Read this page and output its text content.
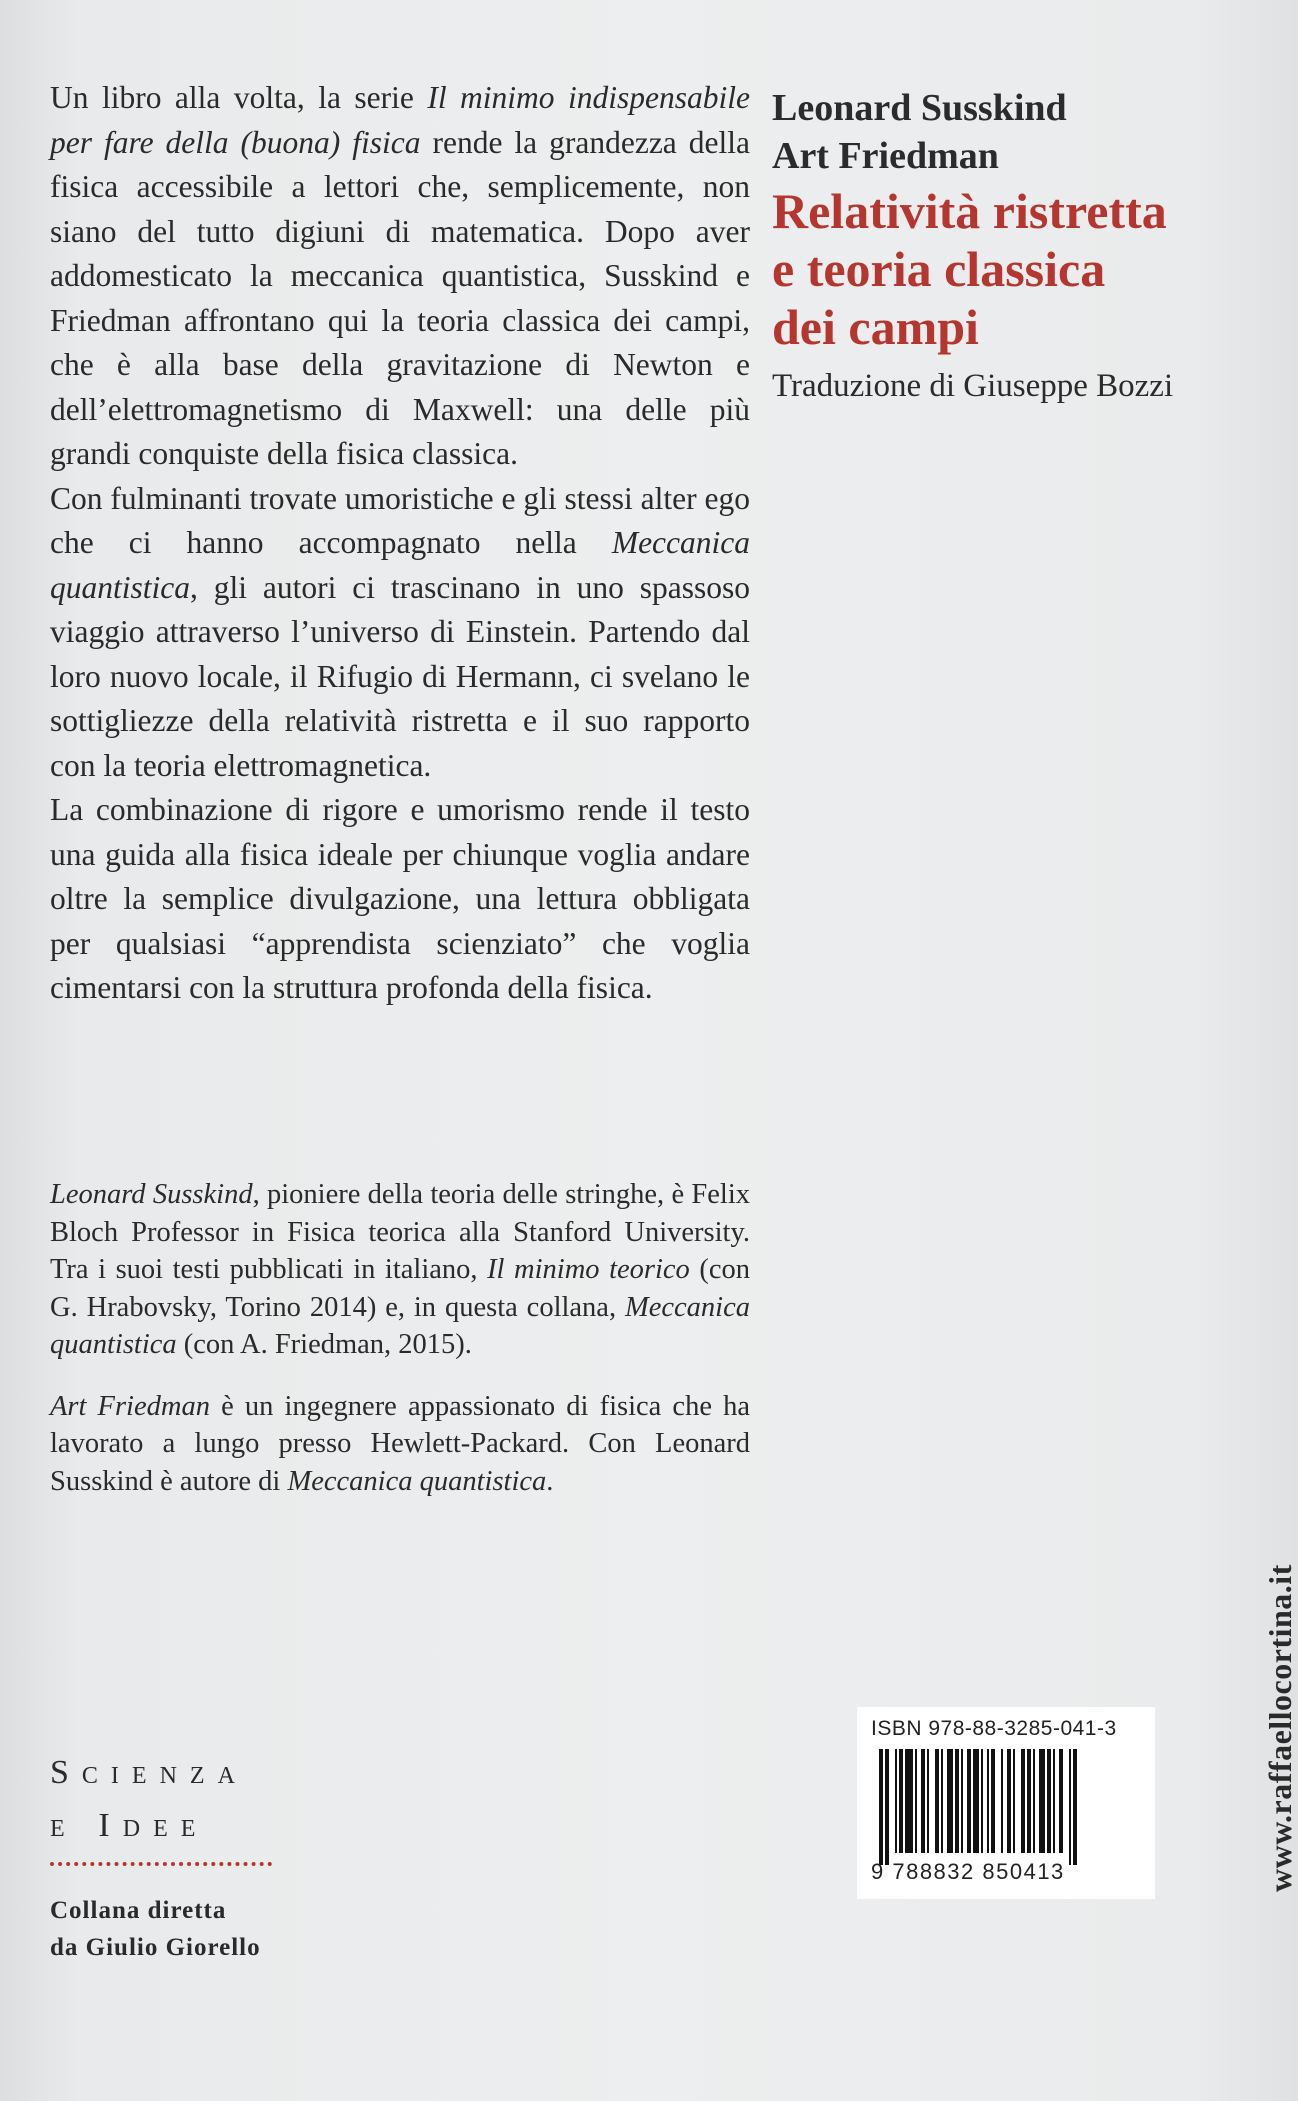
Un libro alla volta, la serie Il minimo indispensabile per fare della (buona) fisica rende la grandezza della fisica accessibile a lettori che, semplicemente, non siano del tutto digiuni di matematica. Dopo aver addomesticato la meccanica quantistica, Susskind e Friedman affrontano qui la teoria classica dei campi, che è alla base della gravitazione di Newton e dell’elettromagnetismo di Maxwell: una delle più grandi conquiste della fisica classica.

Con fulminanti trovate umoristiche e gli stessi alter ego che ci hanno accompagnato nella Meccanica quantistica, gli autori ci trascinano in uno spassoso viaggio attraverso l’universo di Einstein. Partendo dal loro nuovo locale, il Rifugio di Hermann, ci svelano le sottigliezze della relatività ristretta e il suo rapporto con la teoria elettromagnetica.

La combinazione di rigore e umorismo rende il testo una guida alla fisica ideale per chiunque voglia andare oltre la semplice divulgazione, una lettura obbligata per qualsiasi “apprendista scienziato” che voglia cimentarsi con la struttura profonda della fisica.

Leonard Susskind, pioniere della teoria delle stringhe, è Felix Bloch Professor in Fisica teorica alla Stanford University. Tra i suoi testi pubblicati in italiano, Il minimo teorico (con G. Hrabovsky, Torino 2014) e, in questa collana, Meccanica quantistica (con A. Friedman, 2015).

Art Friedman è un ingegnere appassionato di fisica che ha lavorato a lungo presso Hewlett-Packard. Con Leonard Susskind è autore di Meccanica quantistica.

Leonard Susskind
Art Friedman
Relatività ristretta
e teoria classica
dei campi
Traduzione di Giuseppe Bozzi
SCIENZA
E IDEE
Collana diretta
da Giulio Giorello
ISBN 978-88-3285-041-3
9 788832 850413	www.raffaellocortina.it
